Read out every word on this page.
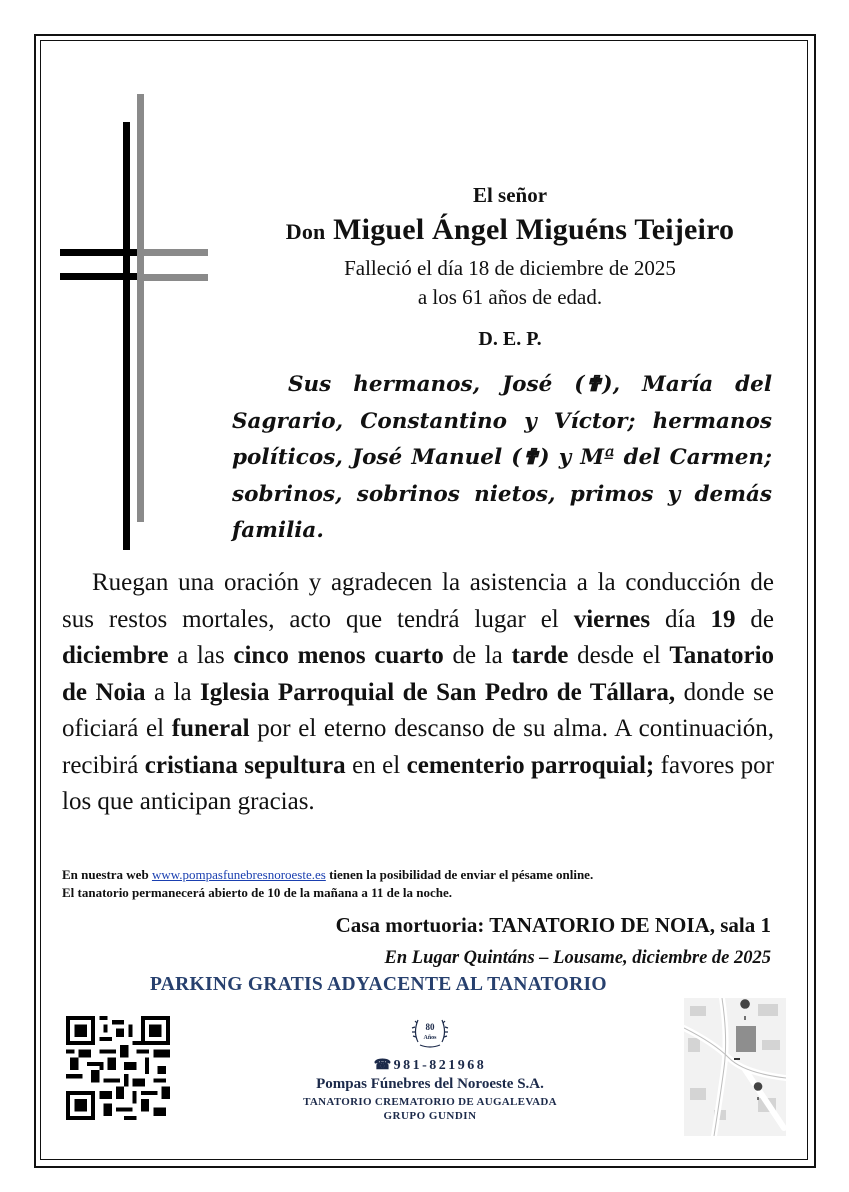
El señor
Don Miguel Ángel Miguéns Teijeiro
Falleció el día 18 de diciembre de 2025
a los 61 años de edad.
D. E. P.

Sus hermanos, José (✟), María del Sagrario, Constantino y Víctor; hermanos políticos, José Manuel (✟) y Mª del Carmen; sobrinos, sobrinos nietos, primos y demás familia.

Ruegan una oración y agradecen la asistencia a la conducción de sus restos mortales, acto que tendrá lugar el viernes día 19 de diciembre a las cinco menos cuarto de la tarde desde el Tanatorio de Noia a la Iglesia Parroquial de San Pedro de Tállara, donde se oficiará el funeral por el eterno descanso de su alma. A continuación, recibirá cristiana sepultura en el cementerio parroquial; favores por los que anticipan gracias.

En nuestra web www.pompasfunebresnoroeste.es tienen la posibilidad de enviar el pésame online.
El tanatorio permanecerá abierto de 10 de la mañana a 11 de la noche.
Casa mortuoria: TANATORIO DE NOIA, sala 1
En Lugar Quintáns – Lousame, diciembre de 2025
PARKING GRATIS ADYACENTE AL TANATORIO
80
Años
☎981-821968
Pompas Fúnebres del Noroeste S.A.
TANATORIO CREMATORIO DE AUGALEVADA
GRUPO GUNDIN
